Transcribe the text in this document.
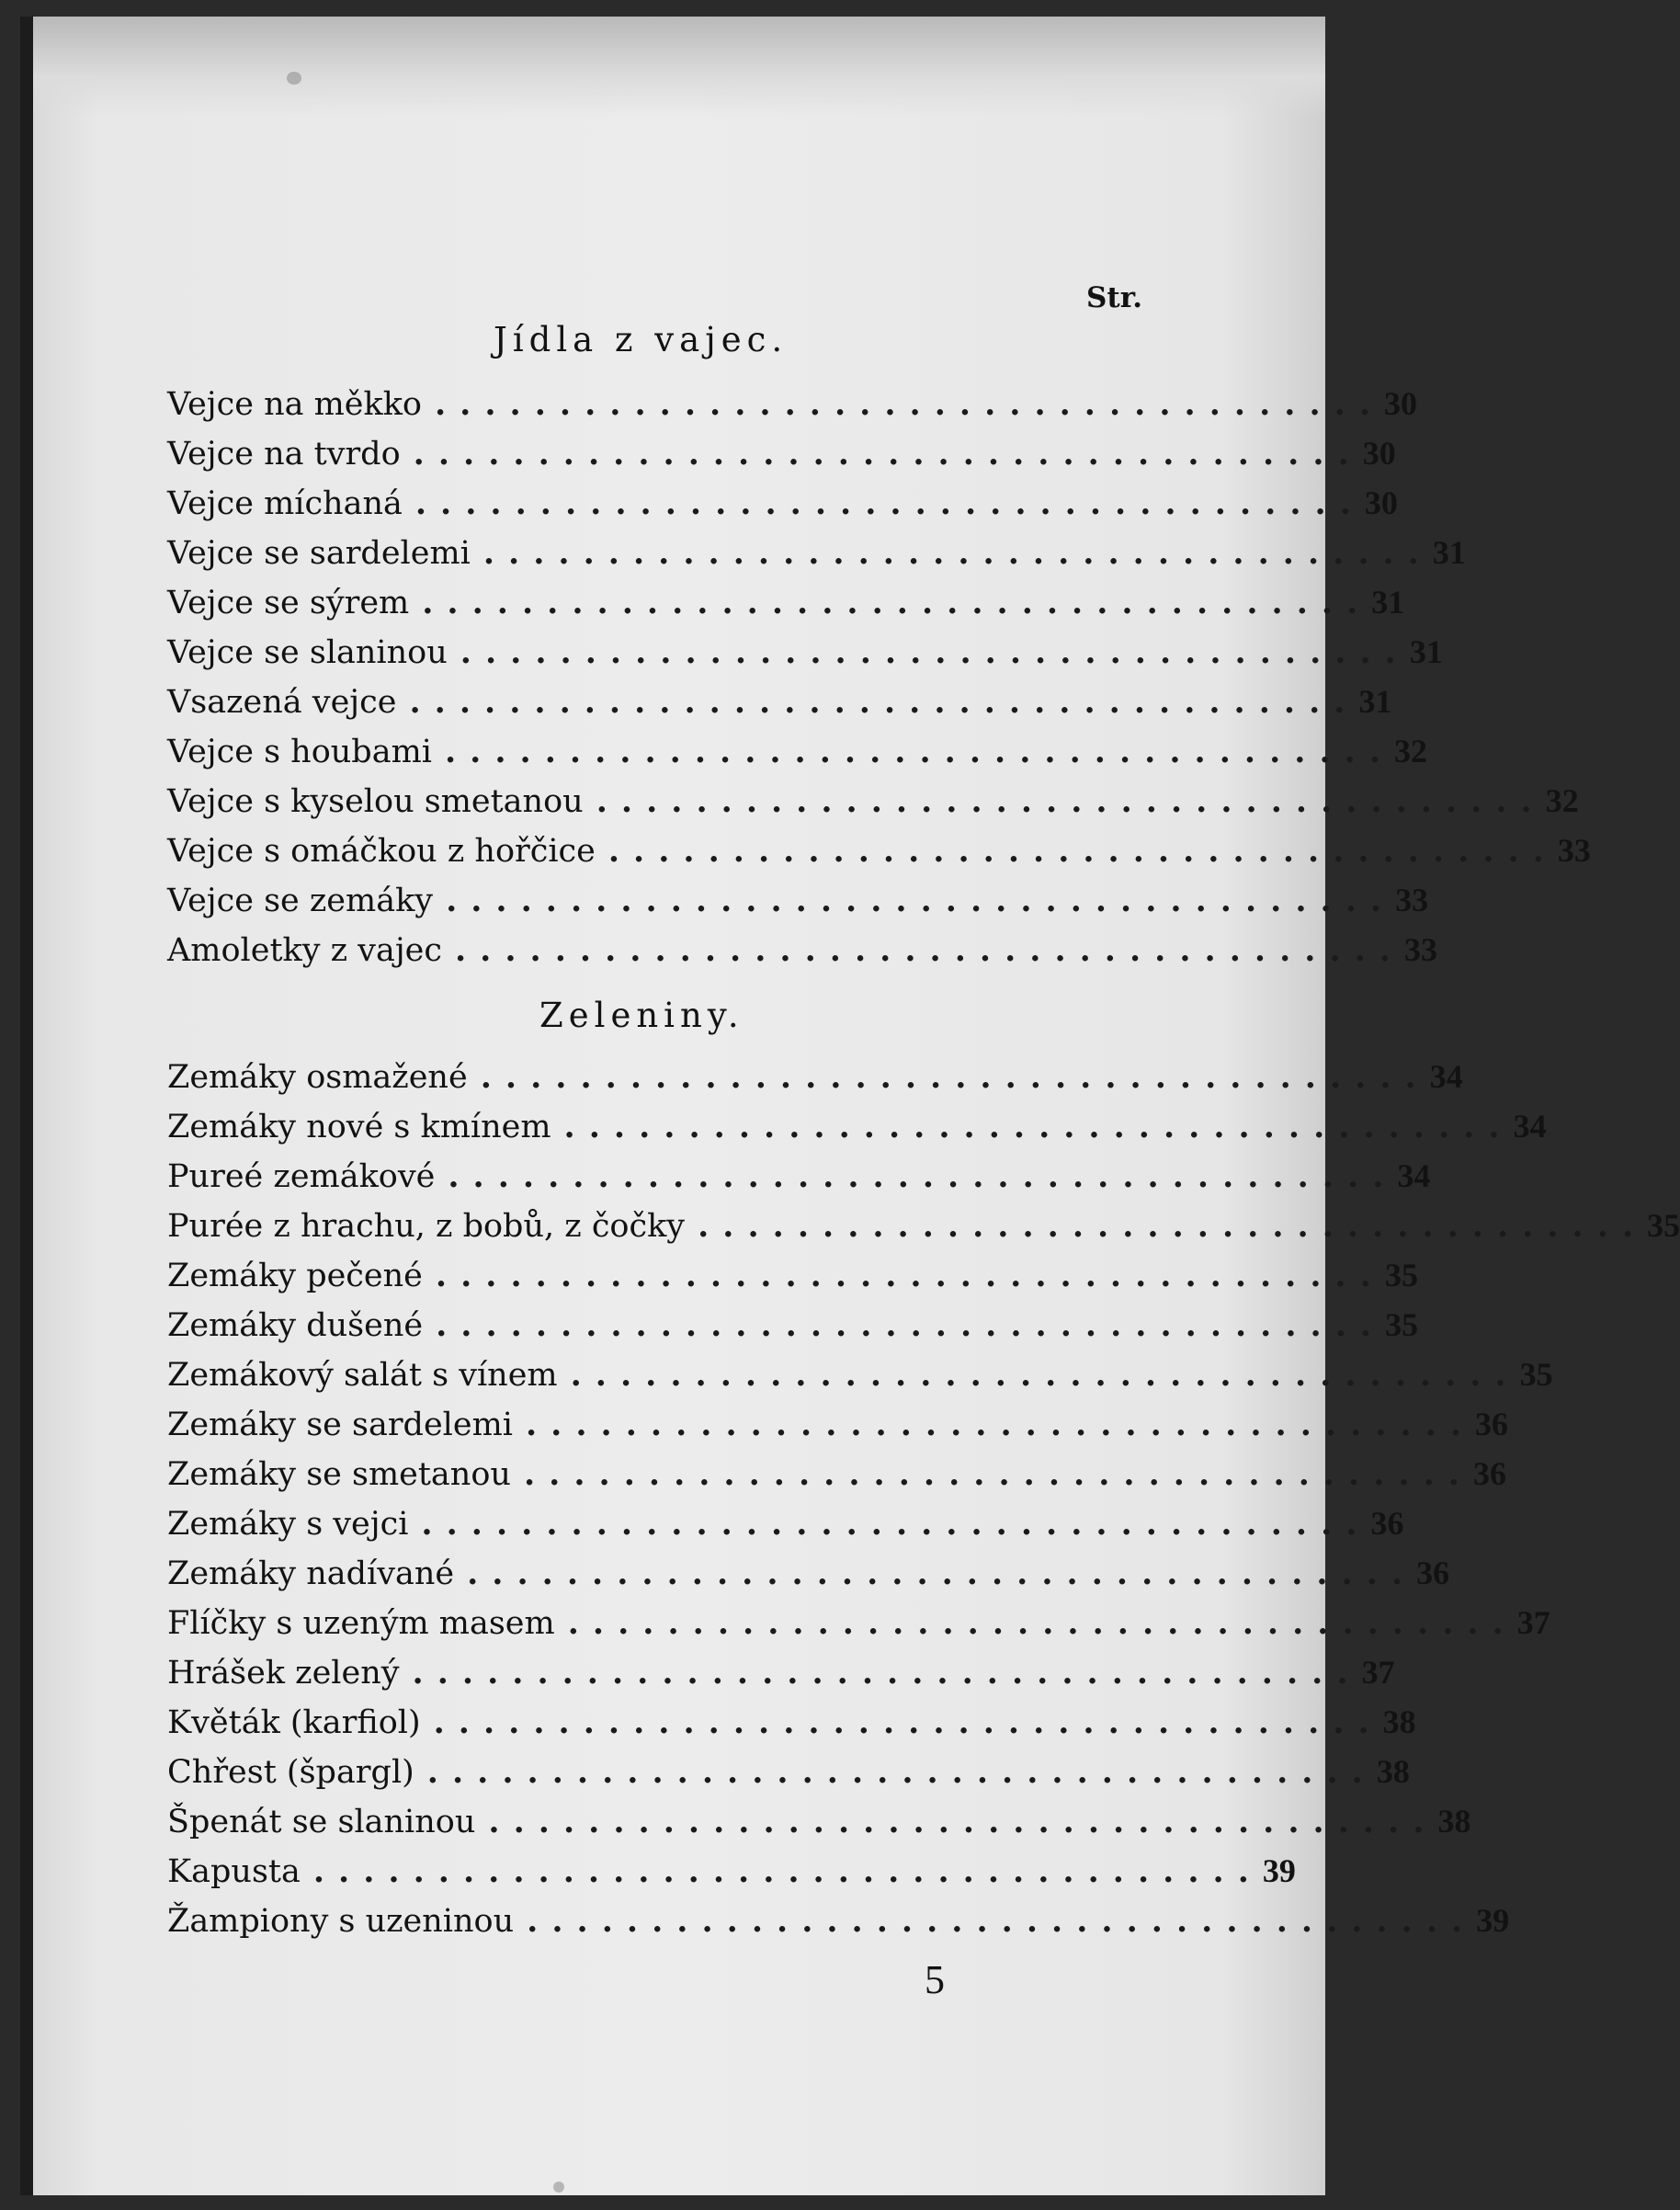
Str.
Jídla z vajec.
Vejce na měkko ...................................... 30
Vejce na tvrdo ...................................... 30
Vejce míchaná ...................................... 30
Vejce se sardelemi ...................................... 31
Vejce se sýrem ...................................... 31
Vejce se slaninou ...................................... 31
Vsazená vejce ...................................... 31
Vejce s houbami ...................................... 32
Vejce s kyselou smetanou ...................................... 32
Vejce s omáčkou z hořčice ...................................... 33
Vejce se zemáky ...................................... 33
Amoletky z vajec ...................................... 33
Zeleniny.
Zemáky osmažené ...................................... 34
Zemáky nové s kmínem ...................................... 34
Pureé zemákové ...................................... 34
Purée z hrachu, z bobů, z čočky ...................................... 35
Zemáky pečené ...................................... 35
Zemáky dušené ...................................... 35
Zemákový salát s vínem ...................................... 35
Zemáky se sardelemi ...................................... 36
Zemáky se smetanou ...................................... 36
Zemáky s vejci ...................................... 36
Zemáky nadívané ...................................... 36
Flíčky s uzeným masem ...................................... 37
Hrášek zelený ...................................... 37
Květák (karfiol) ...................................... 38
Chřest (špargl) ...................................... 38
Špenát se slaninou ...................................... 38
Kapusta ...................................... 39
Žampiony s uzeninou ...................................... 39
5
